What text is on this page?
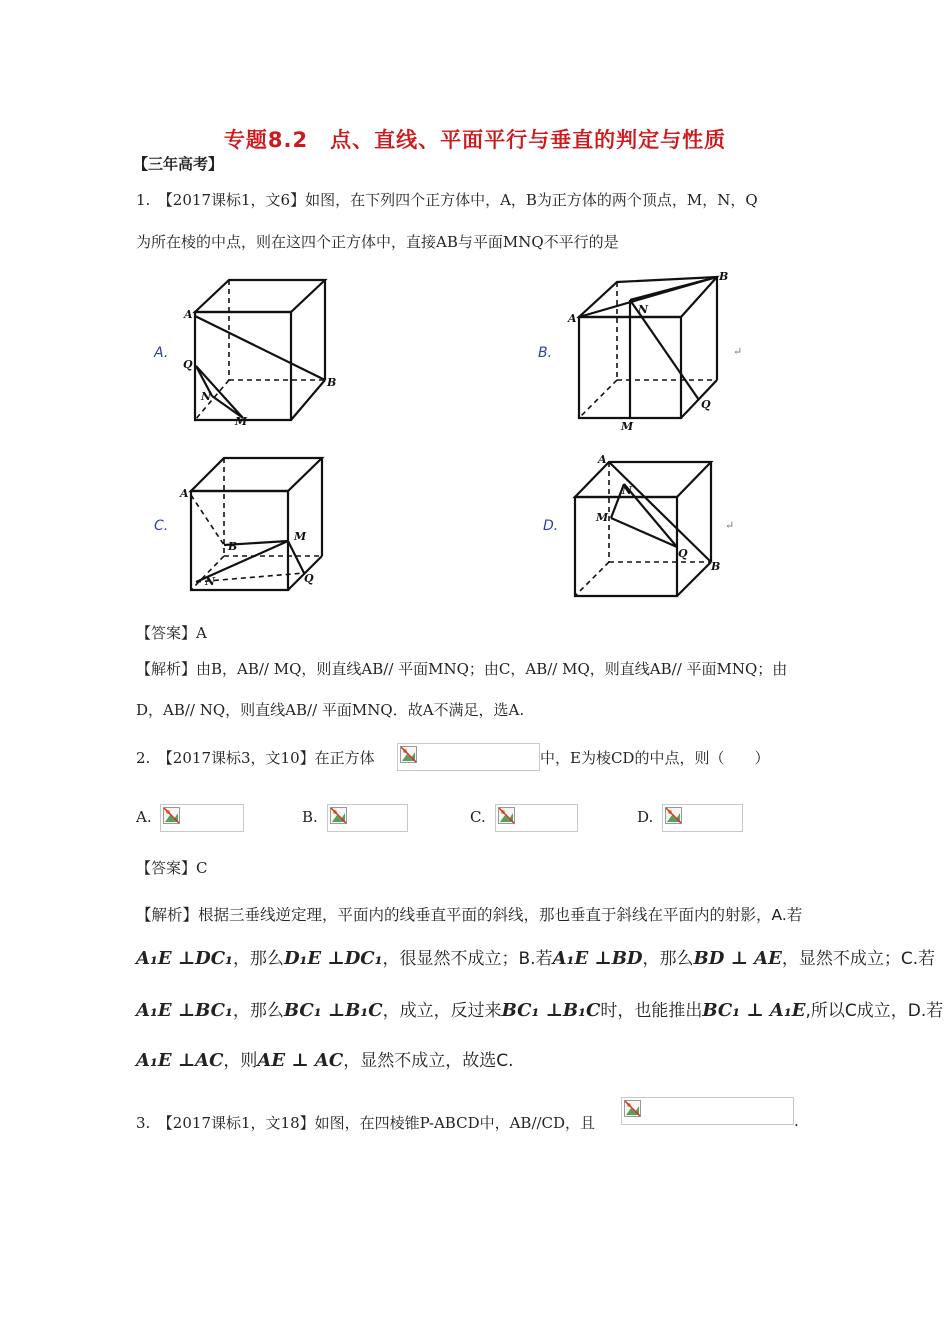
专题8.2　点、直线、平面平行与垂直的判定与性质
【三年高考】
1.　【2017课标1，文6】如图，在下列四个正方体中，A，B为正方体的两个顶点，M，N，Q
为所在棱的中点，则在这四个正方体中，直接AB与平面MNQ不平行的是
A.	B.
C.	D.
A
Q
N
M
B
A
N
B
Q
M
A
B
M
N	Q
A
N
M
Q
B
↵
↵
【答案】A
【解析】由B，AB// MQ，则直线AB// 平面MNQ；由C，AB// MQ，则直线AB// 平面MNQ；由
D，AB// NQ，则直线AB// 平面MNQ．故A不满足，选A.
2.　【2017课标3，文10】在正方体	中，E为棱CD的中点，则（　　）
A.	B.	C.	D.
【答案】C
【解析】根据三垂线逆定理，平面内的线垂直平面的斜线，那也垂直于斜线在平面内的射影，A.若
A₁E ⊥DC₁，那么D₁E ⊥DC₁，很显然不成立；B.若A₁E ⊥BD，那么BD ⊥ AE，显然不成立；C.若
A₁E ⊥BC₁，那么BC₁ ⊥B₁C，成立，反过来BC₁ ⊥B₁C时，也能推出BC₁ ⊥ A₁E,所以C成立，D.若
A₁E ⊥AC，则AE ⊥ AC，显然不成立，故选C.
3.　【2017课标1，文18】如图，在四棱锥P-ABCD中，AB//CD，且	.
